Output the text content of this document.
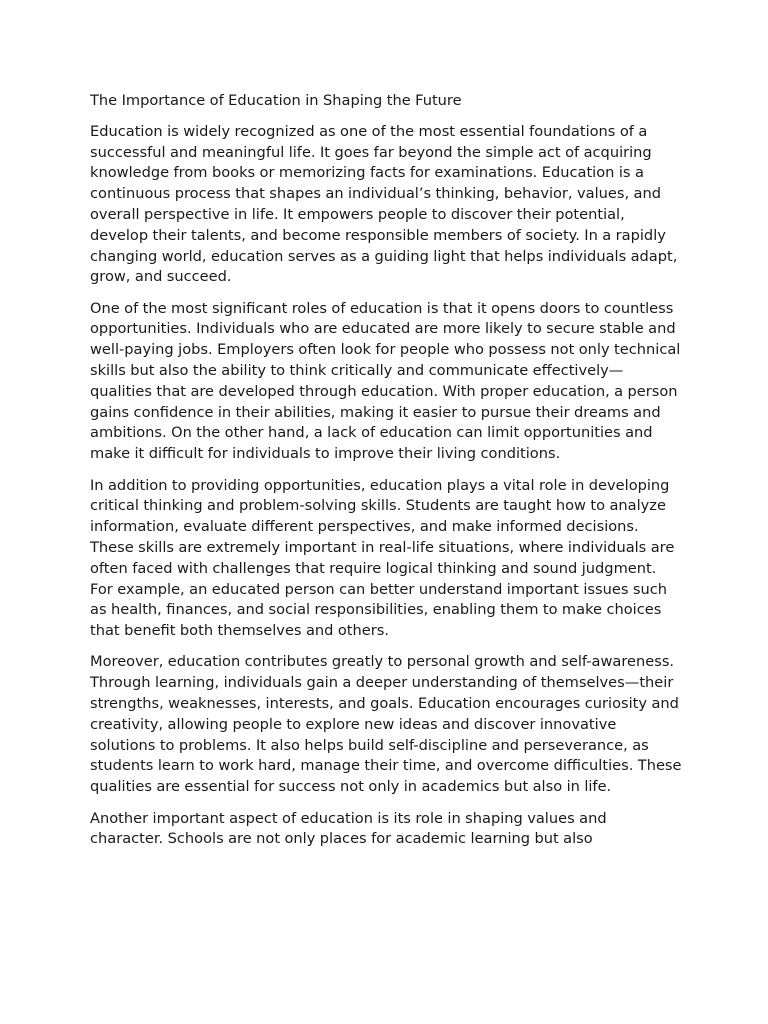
The Importance of Education in Shaping the Future

Education is widely recognized as one of the most essential foundations of a successful and meaningful life. It goes far beyond the simple act of acquiring knowledge from books or memorizing facts for examinations. Education is a continuous process that shapes an individual’s thinking, behavior, values, and overall perspective in life. It empowers people to discover their potential, develop their talents, and become responsible members of society. In a rapidly changing world, education serves as a guiding light that helps individuals adapt, grow, and succeed.

One of the most significant roles of education is that it opens doors to countless opportunities. Individuals who are educated are more likely to secure stable and well-paying jobs. Employers often look for people who possess not only technical skills but also the ability to think critically and communicate effectively—qualities that are developed through education. With proper education, a person gains confidence in their abilities, making it easier to pursue their dreams and ambitions. On the other hand, a lack of education can limit opportunities and make it difficult for individuals to improve their living conditions.

In addition to providing opportunities, education plays a vital role in developing critical thinking and problem-solving skills. Students are taught how to analyze information, evaluate different perspectives, and make informed decisions. These skills are extremely important in real-life situations, where individuals are often faced with challenges that require logical thinking and sound judgment. For example, an educated person can better understand important issues such as health, finances, and social responsibilities, enabling them to make choices that benefit both themselves and others.

Moreover, education contributes greatly to personal growth and self-awareness. Through learning, individuals gain a deeper understanding of themselves—their strengths, weaknesses, interests, and goals. Education encourages curiosity and creativity, allowing people to explore new ideas and discover innovative solutions to problems. It also helps build self-discipline and perseverance, as students learn to work hard, manage their time, and overcome difficulties. These qualities are essential for success not only in academics but also in life.

Another important aspect of education is its role in shaping values and character. Schools are not only places for academic learning but also
